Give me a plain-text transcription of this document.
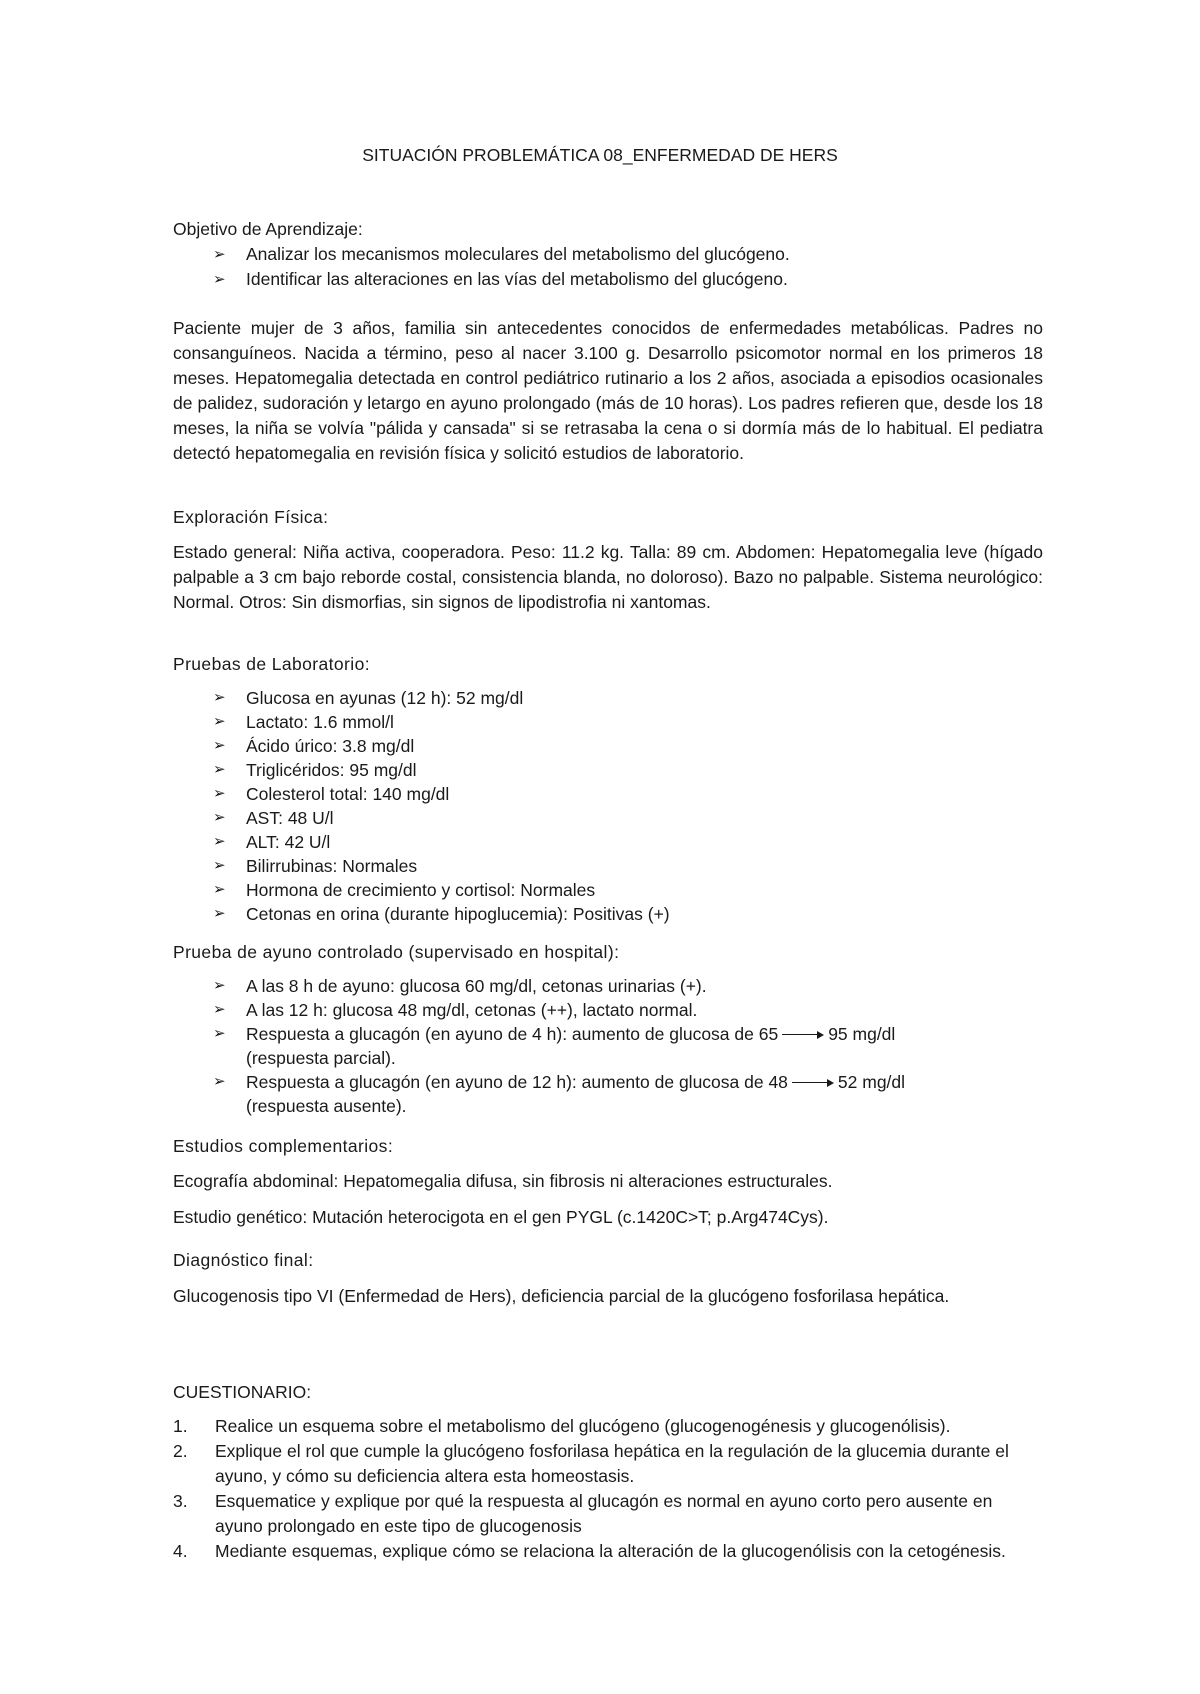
SITUACIÓN PROBLEMÁTICA 08_ENFERMEDAD DE HERS

Objetivo de Aprendizaje:

➢ Analizar los mecanismos moleculares del metabolismo del glucógeno.
➢ Identificar las alteraciones en las vías del metabolismo del glucógeno.
Paciente mujer de 3 años, familia sin antecedentes conocidos de enfermedades metabólicas. Padres no consanguíneos. Nacida a término, peso al nacer 3.100 g. Desarrollo psicomotor normal en los primeros 18 meses. Hepatomegalia detectada en control pediátrico rutinario a los 2 años, asociada a episodios ocasionales de palidez, sudoración y letargo en ayuno prolongado (más de 10 horas). Los padres refieren que, desde los 18 meses, la niña se volvía "pálida y cansada" si se retrasaba la cena o si dormía más de lo habitual. El pediatra detectó hepatomegalia en revisión física y solicitó estudios de laboratorio.

Exploración Física:

Estado general: Niña activa, cooperadora. Peso: 11.2 kg. Talla: 89 cm. Abdomen: Hepatomegalia leve (hígado palpable a 3 cm bajo reborde costal, consistencia blanda, no doloroso). Bazo no palpable. Sistema neurológico: Normal. Otros: Sin dismorfias, sin signos de lipodistrofia ni xantomas.

Pruebas de Laboratorio:

➢ Glucosa en ayunas (12 h): 52 mg/dl
➢ Lactato: 1.6 mmol/l
➢ Ácido úrico: 3.8 mg/dl
➢ Triglicéridos: 95 mg/dl
➢ Colesterol total: 140 mg/dl
➢ AST: 48 U/l
➢ ALT: 42 U/l
➢ Bilirrubinas: Normales
➢ Hormona de crecimiento y cortisol: Normales
➢ Cetonas en orina (durante hipoglucemia): Positivas (+)

Prueba de ayuno controlado (supervisado en hospital):

➢ A las 8 h de ayuno: glucosa 60 mg/dl, cetonas urinarias (+).
➢ A las 12 h: glucosa 48 mg/dl, cetonas (++), lactato normal.
➢ Respuesta a glucagón (en ayuno de 4 h): aumento de glucosa de 65	95 mg/dl
(respuesta parcial).
➢ Respuesta a glucagón (en ayuno de 12 h): aumento de glucosa de 48	52 mg/dl
(respuesta ausente).

Estudios complementarios:

Ecografía abdominal: Hepatomegalia difusa, sin fibrosis ni alteraciones estructurales.

Estudio genético: Mutación heterocigota en el gen PYGL (c.1420C>T; p.Arg474Cys).

Diagnóstico final:

Glucogenosis tipo VI (Enfermedad de Hers), deficiencia parcial de la glucógeno fosforilasa hepática.

CUESTIONARIO:

1. Realice un esquema sobre el metabolismo del glucógeno (glucogenogénesis y glucogenólisis).
2. Explique el rol que cumple la glucógeno fosforilasa hepática en la regulación de la glucemia durante el ayuno, y cómo su deficiencia altera esta homeostasis.
3. Esquematice y explique por qué la respuesta al glucagón es normal en ayuno corto pero ausente en ayuno prolongado en este tipo de glucogenosis
4. Mediante esquemas, explique cómo se relaciona la alteración de la glucogenólisis con la cetogénesis.
